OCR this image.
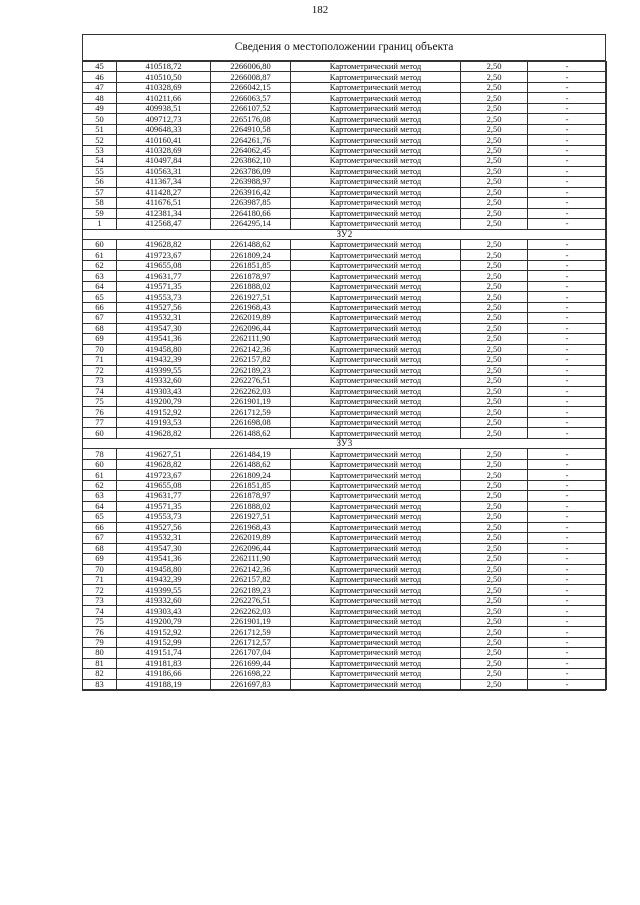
182
Сведения о местоположении границ объекта
45	410518,72	2266006,80	Картометрический метод	2,50	-
46	410510,50	2266008,87	Картометрический метод	2,50	-
47	410328,69	2266042,15	Картометрический метод	2,50	-
48	410211,66	2266063,57	Картометрический метод	2,50	-
49	409938,51	2266107,52	Картометрический метод	2,50	-
50	409712,73	2265176,08	Картометрический метод	2,50	-
51	409648,33	2264910,58	Картометрический метод	2,50	-
52	410160,41	2264261,76	Картометрический метод	2,50	-
53	410328,69	2264062,45	Картометрический метод	2,50	-
54	410497,84	2263862,10	Картометрический метод	2,50	-
55	410563,31	2263786,09	Картометрический метод	2,50	-
56	411367,34	2263988,97	Картометрический метод	2,50	-
57	411428,27	2263916,42	Картометрический метод	2,50	-
58	411676,51	2263987,85	Картометрический метод	2,50	-
59	412381,34	2264180,66	Картометрический метод	2,50	-
1	412568,47	2264295,14	Картометрический метод	2,50	-
ЗУ2					
60	419628,82	2261488,62	Картометрический метод	2,50	-
61	419723,67	2261809,24	Картометрический метод	2,50	-
62	419655,08	2261851,85	Картометрический метод	2,50	-
63	419631,77	2261878,97	Картометрический метод	2,50	-
64	419571,35	2261888,02	Картометрический метод	2,50	-
65	419553,73	2261927,51	Картометрический метод	2,50	-
66	419527,56	2261968,43	Картометрический метод	2,50	-
67	419532,31	2262019,89	Картометрический метод	2,50	-
68	419547,30	2262096,44	Картометрический метод	2,50	-
69	419541,36	2262111,90	Картометрический метод	2,50	-
70	419458,80	2262142,36	Картометрический метод	2,50	-
71	419432,39	2262157,82	Картометрический метод	2,50	-
72	419399,55	2262189,23	Картометрический метод	2,50	-
73	419332,60	2262276,51	Картометрический метод	2,50	-
74	419303,43	2262262,03	Картометрический метод	2,50	-
75	419200,79	2261901,19	Картометрический метод	2,50	-
76	419152,92	2261712,59	Картометрический метод	2,50	-
77	419193,53	2261698,08	Картометрический метод	2,50	-
60	419628,82	2261488,62	Картометрический метод	2,50	-
ЗУ3					
78	419627,51	2261484,19	Картометрический метод	2,50	-
60	419628,82	2261488,62	Картометрический метод	2,50	-
61	419723,67	2261809,24	Картометрический метод	2,50	-
62	419655,08	2261851,85	Картометрический метод	2,50	-
63	419631,77	2261878,97	Картометрический метод	2,50	-
64	419571,35	2261888,02	Картометрический метод	2,50	-
65	419553,73	2261927,51	Картометрический метод	2,50	-
66	419527,56	2261968,43	Картометрический метод	2,50	-
67	419532,31	2262019,89	Картометрический метод	2,50	-
68	419547,30	2262096,44	Картометрический метод	2,50	-
69	419541,36	2262111,90	Картометрический метод	2,50	-
70	419458,80	2262142,36	Картометрический метод	2,50	-
71	419432,39	2262157,82	Картометрический метод	2,50	-
72	419399,55	2262189,23	Картометрический метод	2,50	-
73	419332,60	2262276,51	Картометрический метод	2,50	-
74	419303,43	2262262,03	Картометрический метод	2,50	-
75	419200,79	2261901,19	Картометрический метод	2,50	-
76	419152,92	2261712,59	Картометрический метод	2,50	-
79	419152,99	2261712,57	Картометрический метод	2,50	-
80	419151,74	2261707,04	Картометрический метод	2,50	-
81	419181,83	2261699,44	Картометрический метод	2,50	-
82	419186,66	2261698,22	Картометрический метод	2,50	-
83	419188,19	2261697,83	Картометрический метод	2,50	-
